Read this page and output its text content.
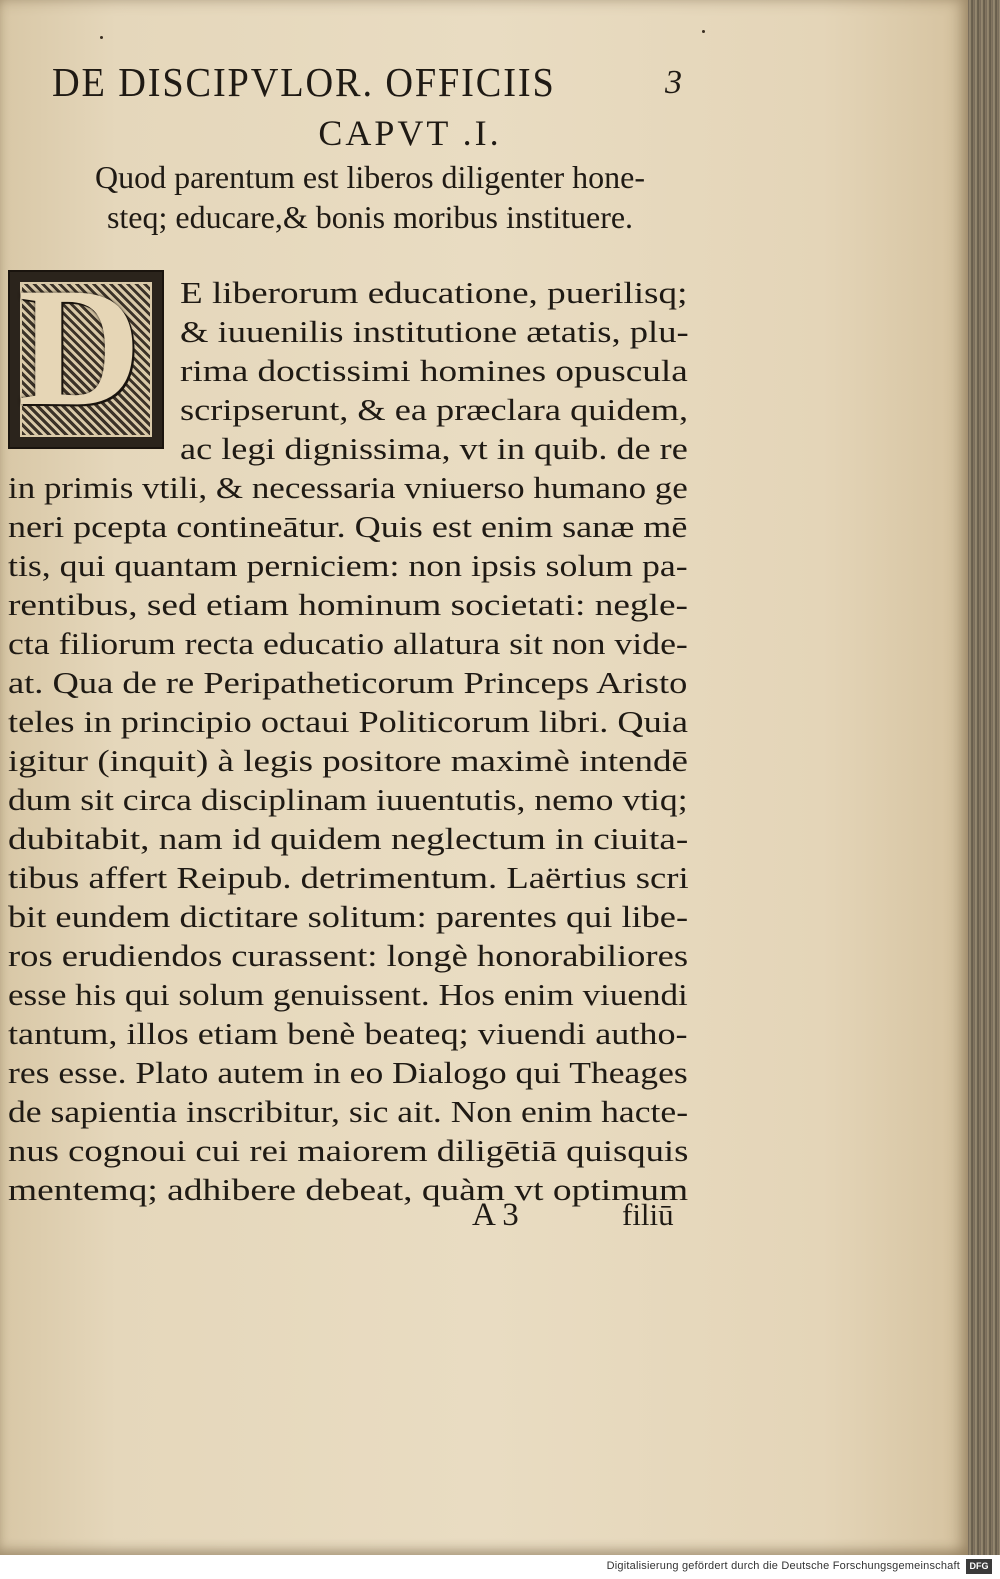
DE DISCIPVLOR. OFFICIIS	3
CAPVT .I.
Quod parentum est liberos diligenter hone-
steq; educare,& bonis moribus instituere.
D E liberorum educatione, puerilisq;
& iuuenilis institutione ætatis, plu-
rima doctissimi homines opuscula
scripserunt, & ea præclara quidem,
ac legi dignissima, vt in quib. de re
in primis vtili, & necessaria vniuerso humano ge
neri pcepta contineātur. Quis est enim sanæ mē
tis, qui quantam perniciem: non ipsis solum pa-
rentibus, sed etiam hominum societati: negle-
cta filiorum recta educatio allatura sit non vide-
at. Qua de re Peripatheticorum Princeps Aristo
teles in principio octaui Politicorum libri. Quia
igitur (inquit) à legis positore maximè intendē
dum sit circa disciplinam iuuentutis, nemo vtiq;
dubitabit, nam id quidem neglectum in ciuita-
tibus affert Reipub. detrimentum. Laërtius scri
bit eundem dictitare solitum: parentes qui libe-
ros erudiendos curassent: longè honorabiliores
esse his qui solum genuissent. Hos enim viuendi
tantum, illos etiam benè beateq; viuendi autho-
res esse. Plato autem in eo Dialogo qui Theages
de sapientia inscribitur, sic ait. Non enim hacte-
nus cognoui cui rei maiorem diligētiā quisquis
mentemq; adhibere debeat, quàm vt optimum
A 3	filiū
Digitalisierung gefördert durch die Deutsche Forschungsgemeinschaft	DFG
